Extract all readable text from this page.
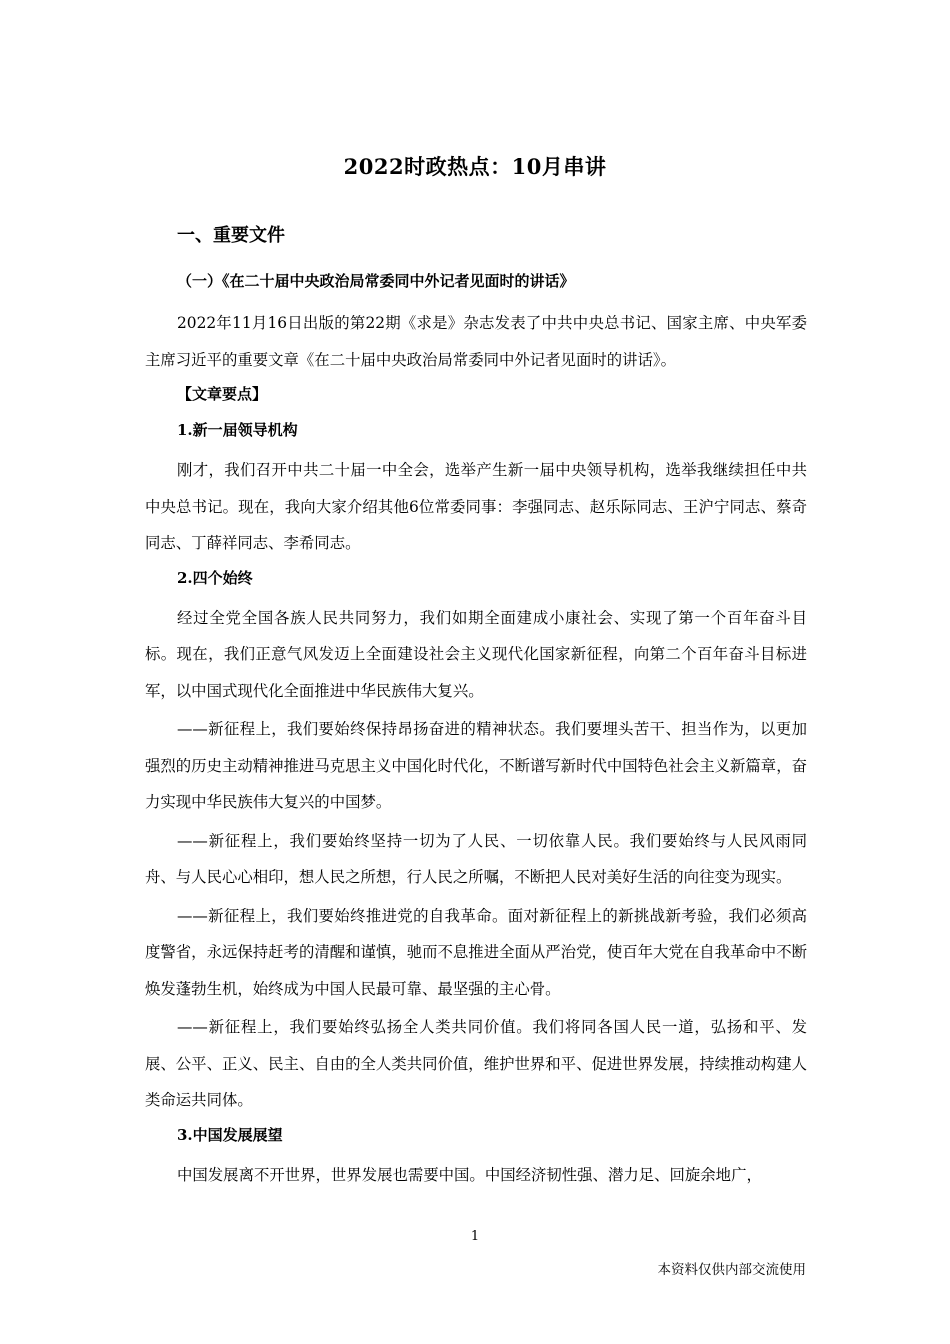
2022时政热点：10月串讲
一、重要文件
（一）《在二十届中央政治局常委同中外记者见面时的讲话》

2022年11月16日出版的第22期《求是》杂志发表了中共中央总书记、国家主席、中央军委主席习近平的重要文章《在二十届中央政治局常委同中外记者见面时的讲话》。

【文章要点】
1.新一届领导机构

刚才，我们召开中共二十届一中全会，选举产生新一届中央领导机构，选举我继续担任中共中央总书记。现在，我向大家介绍其他6位常委同事：李强同志、赵乐际同志、王沪宁同志、蔡奇同志、丁薛祥同志、李希同志。

2.四个始终

经过全党全国各族人民共同努力，我们如期全面建成小康社会、实现了第一个百年奋斗目标。现在，我们正意气风发迈上全面建设社会主义现代化国家新征程，向第二个百年奋斗目标进军，以中国式现代化全面推进中华民族伟大复兴。

——新征程上，我们要始终保持昂扬奋进的精神状态。我们要埋头苦干、担当作为，以更加强烈的历史主动精神推进马克思主义中国化时代化，不断谱写新时代中国特色社会主义新篇章，奋力实现中华民族伟大复兴的中国梦。

——新征程上，我们要始终坚持一切为了人民、一切依靠人民。我们要始终与人民风雨同舟、与人民心心相印，想人民之所想，行人民之所嘱，不断把人民对美好生活的向往变为现实。

——新征程上，我们要始终推进党的自我革命。面对新征程上的新挑战新考验，我们必须高度警省，永远保持赶考的清醒和谨慎，驰而不息推进全面从严治党，使百年大党在自我革命中不断焕发蓬勃生机，始终成为中国人民最可靠、最坚强的主心骨。

——新征程上，我们要始终弘扬全人类共同价值。我们将同各国人民一道，弘扬和平、发展、公平、正义、民主、自由的全人类共同价值，维护世界和平、促进世界发展，持续推动构建人类命运共同体。

3.中国发展展望

中国发展离不开世界，世界发展也需要中国。中国经济韧性强、潜力足、回旋余地广，

1
本资料仅供内部交流使用
